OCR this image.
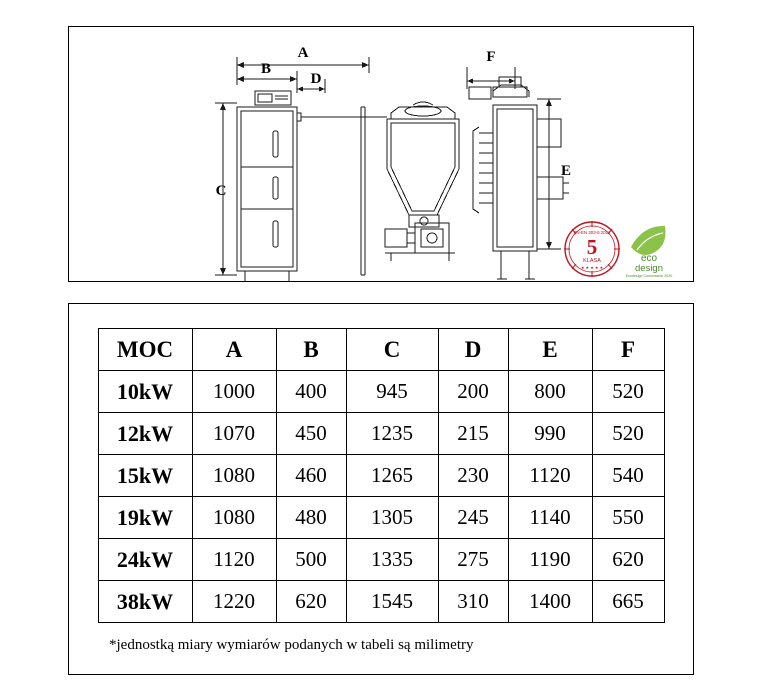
A
B
C
D
E
F
5
KLASA
PN-EN 303-5:2012
★ ★ ★ ★ ★
eco
design
Ecodesign Commission 2020
MOC	A	B	C	D	E	F
10kW	1000	400	945	200	800	520
12kW	1070	450	1235	215	990	520
15kW	1080	460	1265	230	1120	540
19kW	1080	480	1305	245	1140	550
24kW	1120	500	1335	275	1190	620
38kW	1220	620	1545	310	1400	665
*jednostką miary wymiarów podanych w tabeli są milimetry
